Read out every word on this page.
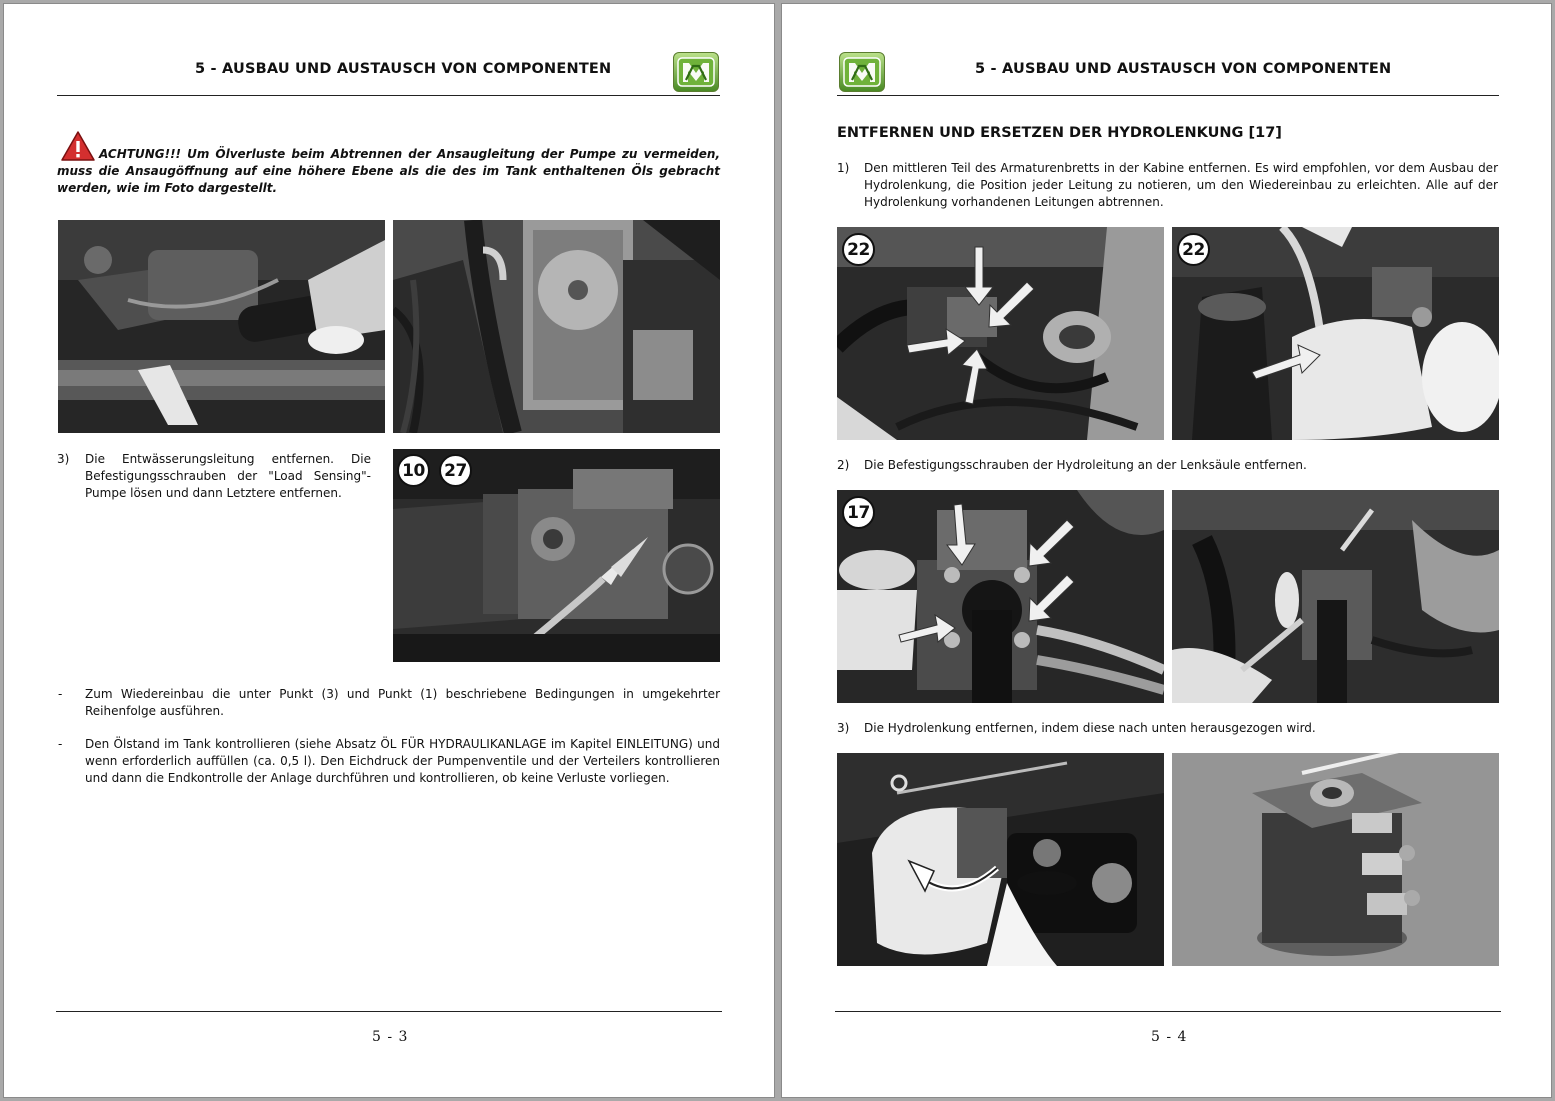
5 - AUSBAU UND AUSTAUSCH VON COMPONENTEN
ACHTUNG!!! Um Ölverluste beim Abtrennen der Ansaugleitung der Pumpe zu vermeiden, muss die Ansaugöffnung auf eine höhere Ebene als die des im Tank enthaltenen Öls gebracht werden, wie im Foto dargestellt.
3) Die Entwässerungsleitung entfernen. Die Befestigungsschrauben der "Load Sensing"-Pumpe lösen und dann Letztere entfernen.
10	27
- Zum Wiedereinbau die unter Punkt (3) und Punkt (1) beschriebene Bedingungen in umgekehrter Reihenfolge ausführen.
- Den Ölstand im Tank kontrollieren (siehe Absatz ÖL FÜR HYDRAULIKANLAGE im Kapitel EINLEITUNG) und wenn erforderlich auffüllen (ca. 0,5 l). Den Eichdruck der Pumpenventile und der Verteilers kontrollieren und dann die Endkontrolle der Anlage durchführen und kontrollieren, ob keine Verluste vorliegen.
5 - 3
5 - AUSBAU UND AUSTAUSCH VON COMPONENTEN
ENTFERNEN UND ERSETZEN DER HYDROLENKUNG [17]
1) Den mittleren Teil des Armaturenbretts in der Kabine entfernen. Es wird empfohlen, vor dem Ausbau der Hydrolenkung, die Position jeder Leitung zu notieren, um den Wiedereinbau zu erleichten. Alle auf der Hydrolenkung vorhandenen Leitungen abtrennen.
22	22
2) Die Befestigungsschrauben der Hydroleitung an der Lenksäule entfernen.
17
3) Die Hydrolenkung entfernen, indem diese nach unten herausgezogen wird.
5 - 4
